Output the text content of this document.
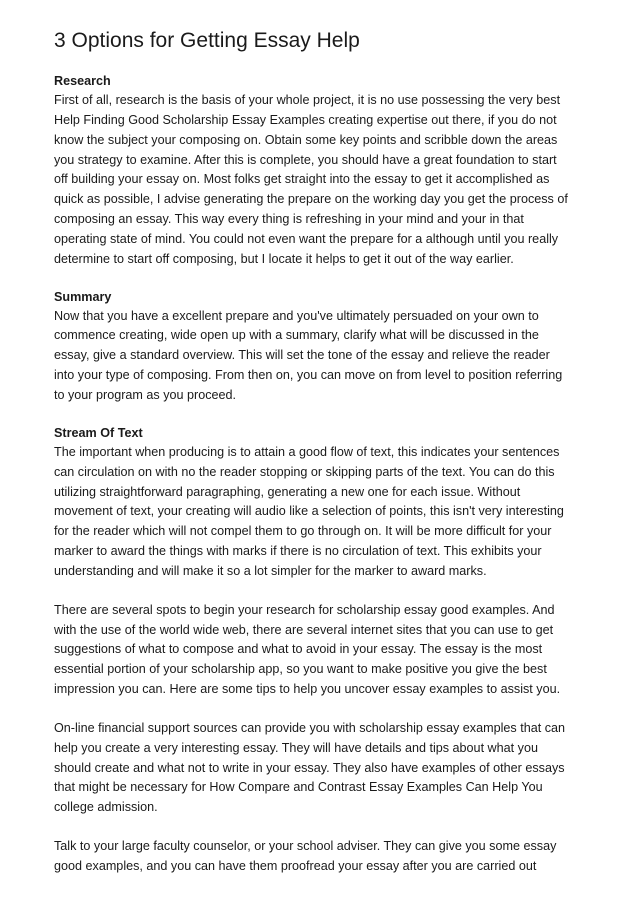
3 Options for Getting Essay Help
Research

First of all, research is the basis of your whole project, it is no use possessing the very best
Help Finding Good Scholarship Essay Examples creating expertise out there, if you do not
know the subject your composing on. Obtain some key points and scribble down the areas
you strategy to examine. After this is complete, you should have a great foundation to start
off building your essay on. Most folks get straight into the essay to get it accomplished as
quick as possible, I advise generating the prepare on the working day you get the process of
composing an essay. This way every thing is refreshing in your mind and your in that
operating state of mind. You could not even want the prepare for a although until you really
determine to start off composing, but I locate it helps to get it out of the way earlier.

Summary

Now that you have a excellent prepare and you've ultimately persuaded on your own to
commence creating, wide open up with a summary, clarify what will be discussed in the
essay, give a standard overview. This will set the tone of the essay and relieve the reader
into your type of composing. From then on, you can move on from level to position referring
to your program as you proceed.

Stream Of Text

The important when producing is to attain a good flow of text, this indicates your sentences
can circulation on with no the reader stopping or skipping parts of the text. You can do this
utilizing straightforward paragraphing, generating a new one for each issue. Without
movement of text, your creating will audio like a selection of points, this isn't very interesting
for the reader which will not compel them to go through on. It will be more difficult for your
marker to award the things with marks if there is no circulation of text. This exhibits your
understanding and will make it so a lot simpler for the marker to award marks.

There are several spots to begin your research for scholarship essay good examples. And
with the use of the world wide web, there are several internet sites that you can use to get
suggestions of what to compose and what to avoid in your essay. The essay is the most
essential portion of your scholarship app, so you want to make positive you give the best
impression you can. Here are some tips to help you uncover essay examples to assist you.

On-line financial support sources can provide you with scholarship essay examples that can
help you create a very interesting essay. They will have details and tips about what you
should create and what not to write in your essay. They also have examples of other essays
that might be necessary for How Compare and Contrast Essay Examples Can Help You
college admission.

Talk to your large faculty counselor, or your school adviser. They can give you some essay
good examples, and you can have them proofread your essay after you are carried out
